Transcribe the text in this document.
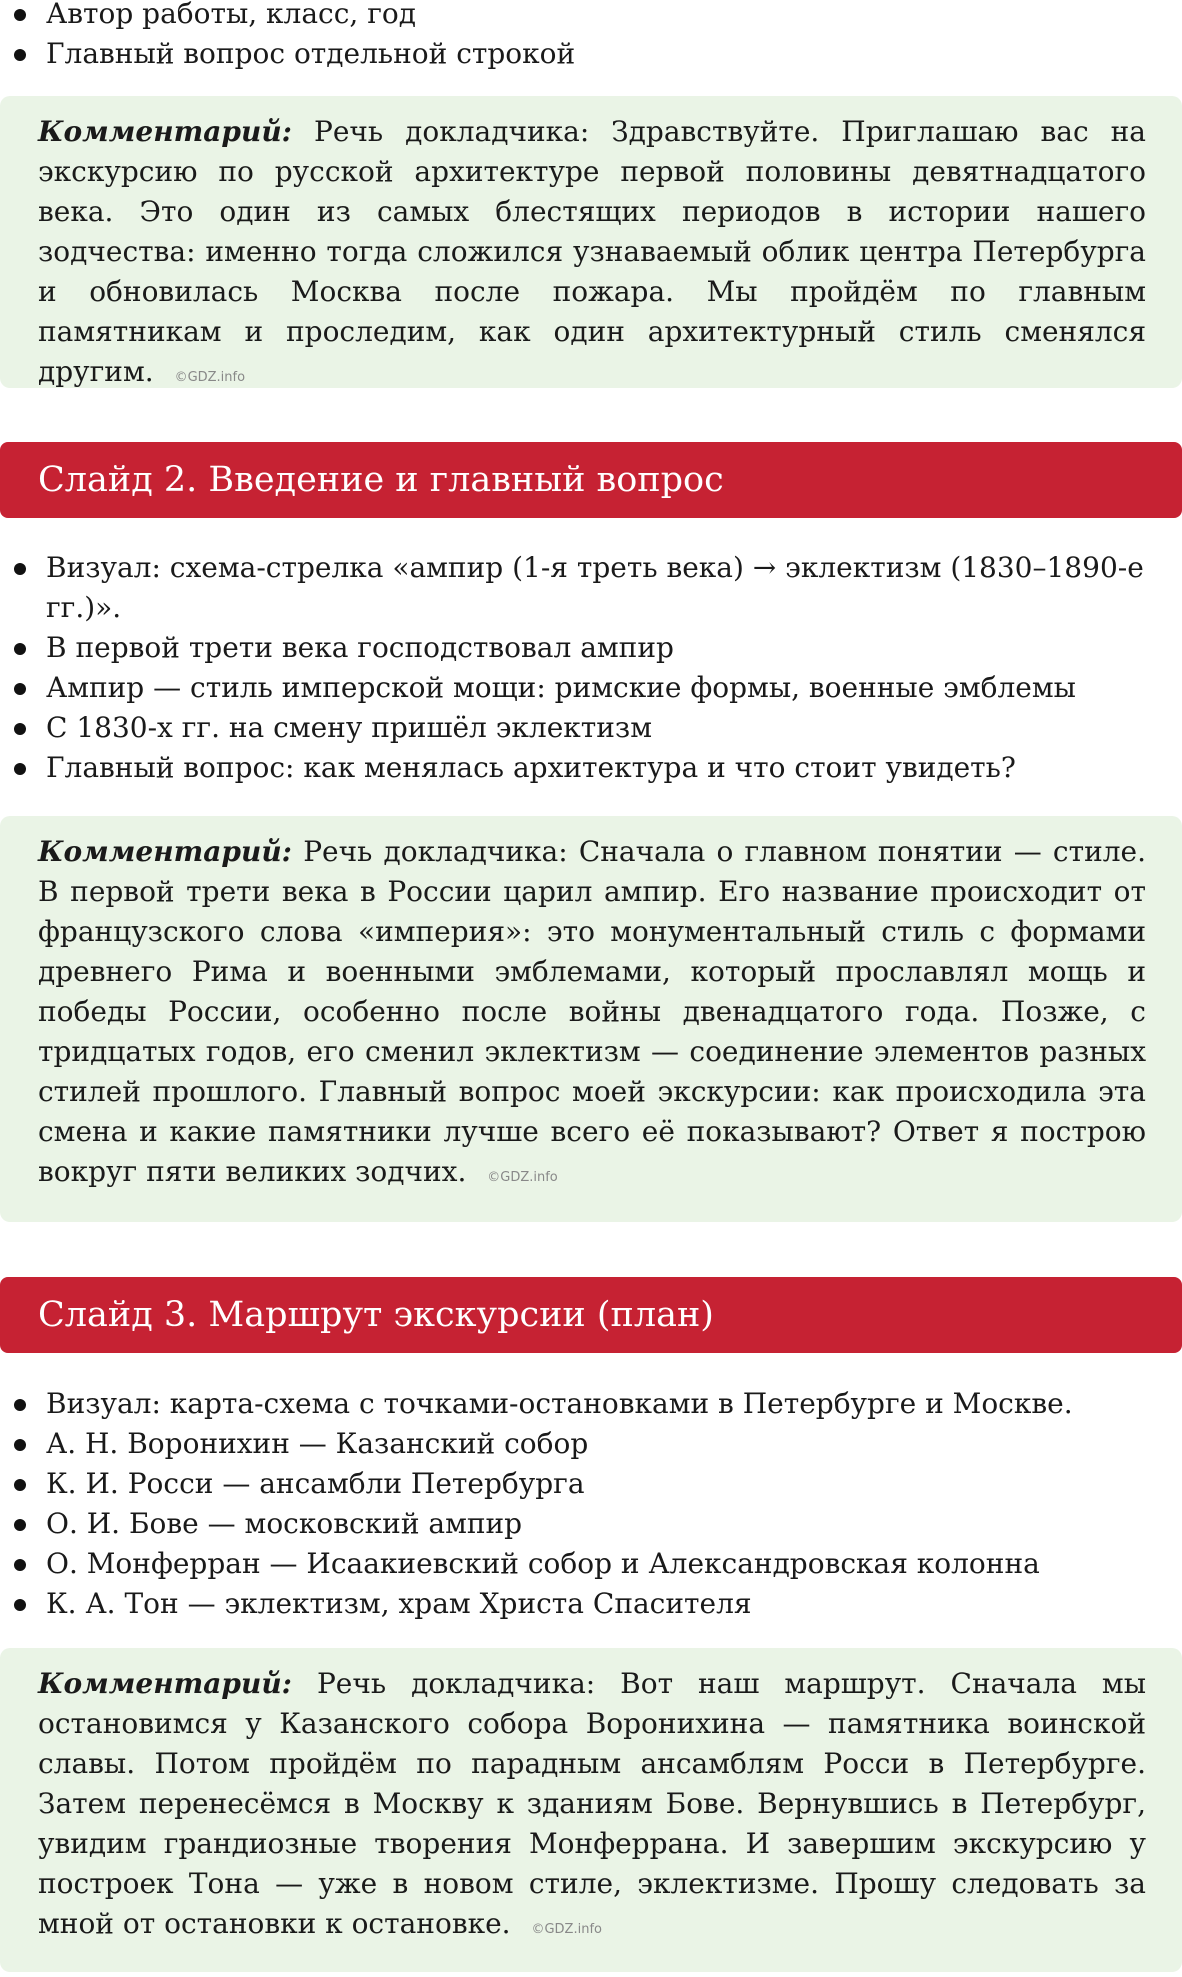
Автор работы, класс, год
Главный вопрос отдельной строкой
Комментарий: Речь докладчика: Здравствуйте. Приглашаю вас на экскурсию по русской архитектуре первой половины девятнадцатого века. Это один из самых блестящих периодов в истории нашего зодчества: именно тогда сложился узнаваемый облик центра Петербурга и обновилась Москва после пожара. Мы пройдём по главным памятникам и проследим, как один архитектурный стиль сменялся другим. ©GDZ.info
Слайд 2. Введение и главный вопрос
Визуал: схема-стрелка «ампир (1-я треть века) → эклектизм (1830–1890-е гг.)».
В первой трети века господствовал ампир
Ампир — стиль имперской мощи: римские формы, военные эмблемы
С 1830-х гг. на смену пришёл эклектизм
Главный вопрос: как менялась архитектура и что стоит увидеть?
Комментарий: Речь докладчика: Сначала о главном понятии — стиле. В первой трети века в России царил ампир. Его название происходит от французского слова «империя»: это монументальный стиль с формами древнего Рима и военными эмблемами, который прославлял мощь и победы России, особенно после войны двенадцатого года. Позже, с тридцатых годов, его сменил эклектизм — соединение элементов разных стилей прошлого. Главный вопрос моей экскурсии: как происходила эта смена и какие памятники лучше всего её показывают? Ответ я построю вокруг пяти великих зодчих. ©GDZ.info
Слайд 3. Маршрут экскурсии (план)
Визуал: карта-схема с точками-остановками в Петербурге и Москве.
А. Н. Воронихин — Казанский собор
К. И. Росси — ансамбли Петербурга
О. И. Бове — московский ампир
О. Монферран — Исаакиевский собор и Александровская колонна
К. А. Тон — эклектизм, храм Христа Спасителя
Комментарий: Речь докладчика: Вот наш маршрут. Сначала мы остановимся у Казанского собора Воронихина — памятника воинской славы. Потом пройдём по парадным ансамблям Росси в Петербурге. Затем перенесёмся в Москву к зданиям Бове. Вернувшись в Петербург, увидим грандиозные творения Монферрана. И завершим экскурсию у построек Тона — уже в новом стиле, эклектизме. Прошу следовать за мной от остановки к остановке. ©GDZ.info
